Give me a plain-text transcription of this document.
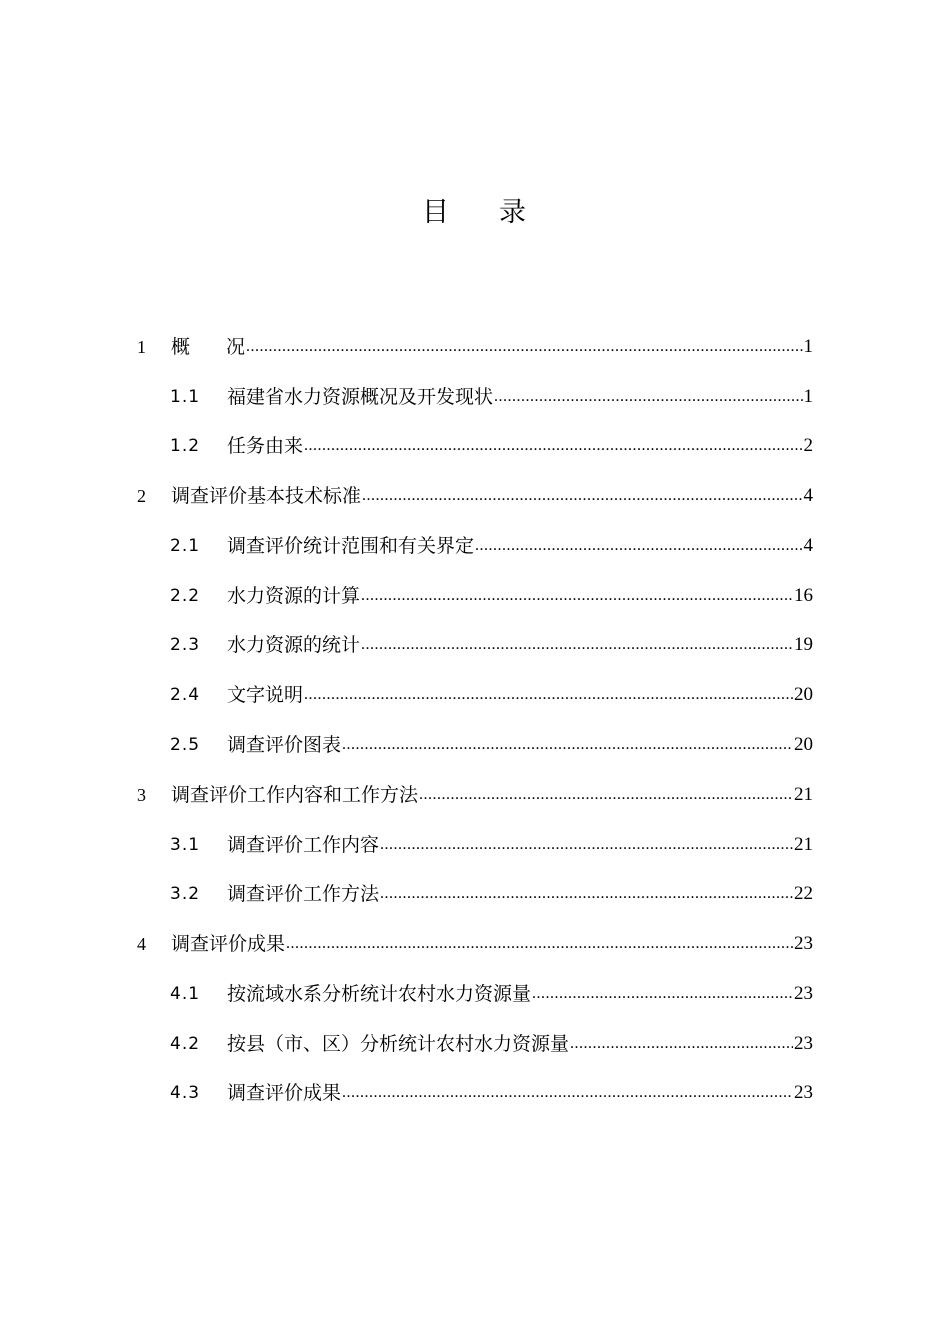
目 录
1 概 况 .....	1
1.1 福建省水力资源概况及开发现状 .....	1
1.2 任务由来 .....	2
2 调查评价基本技术标准 .....	4
2.1 调查评价统计范围和有关界定 .....	4
2.2 水力资源的计算 .....	16
2.3 水力资源的统计 .....	19
2.4 文字说明 .....	20
2.5 调查评价图表 .....	20
3 调查评价工作内容和工作方法 .....	21
3.1 调查评价工作内容 .....	21
3.2 调查评价工作方法 .....	22
4 调查评价成果 .....	23
4.1 按流域水系分析统计农村水力资源量 .....	23
4.2 按县（市、区）分析统计农村水力资源量 .....	23
4.3 调查评价成果 .....	23
